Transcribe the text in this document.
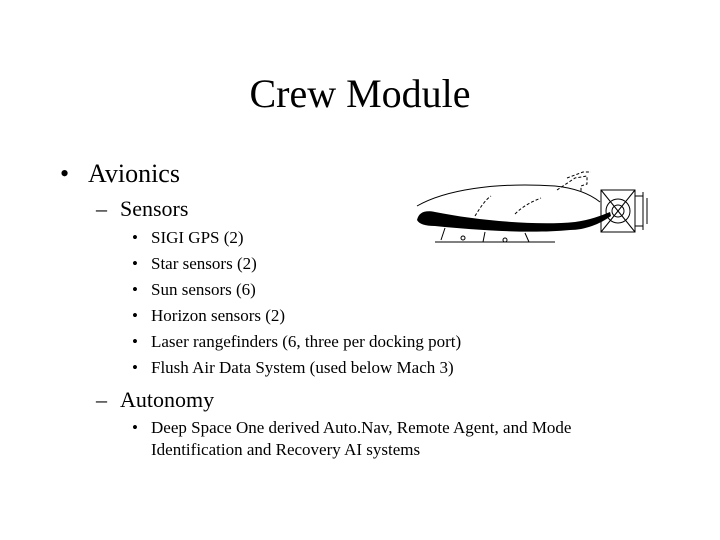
Crew Module
• Avionics
– Sensors
• SIGI GPS (2)
• Star sensors (2)
• Sun sensors (6)
• Horizon sensors (2)
• Laser rangefinders (6, three per docking port)
• Flush Air Data System (used below Mach 3)
– Autonomy
• Deep Space One derived Auto.Nav, Remote Agent, and Mode Identification and Recovery AI systems
